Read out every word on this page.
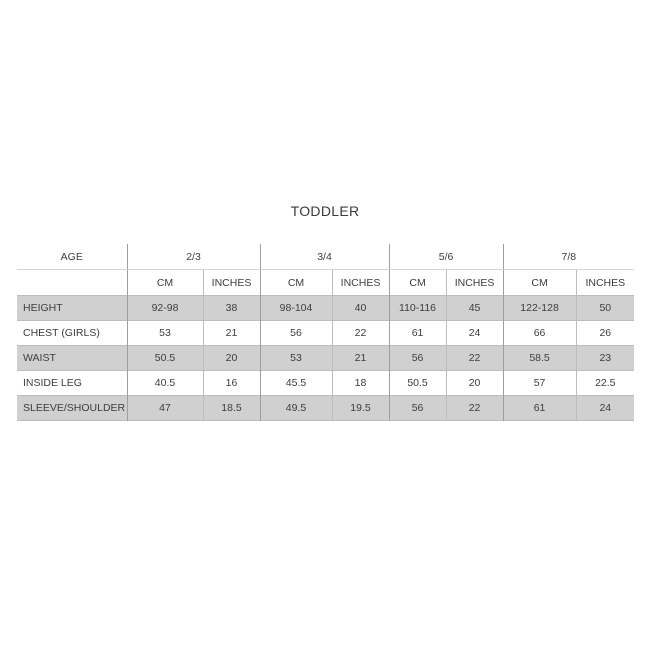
TODDLER
AGE	2/3		3/4		5/6		7/8	
	CM	INCHES	CM	INCHES	CM	INCHES	CM	INCHES
HEIGHT	92-98	38	98-104	40	110-116	45	122-128	50
CHEST (GIRLS)	53	21	56	22	61	24	66	26
WAIST	50.5	20	53	21	56	22	58.5	23
INSIDE LEG	40.5	16	45.5	18	50.5	20	57	22.5
SLEEVE/SHOULDER	47	18.5	49.5	19.5	56	22	61	24
